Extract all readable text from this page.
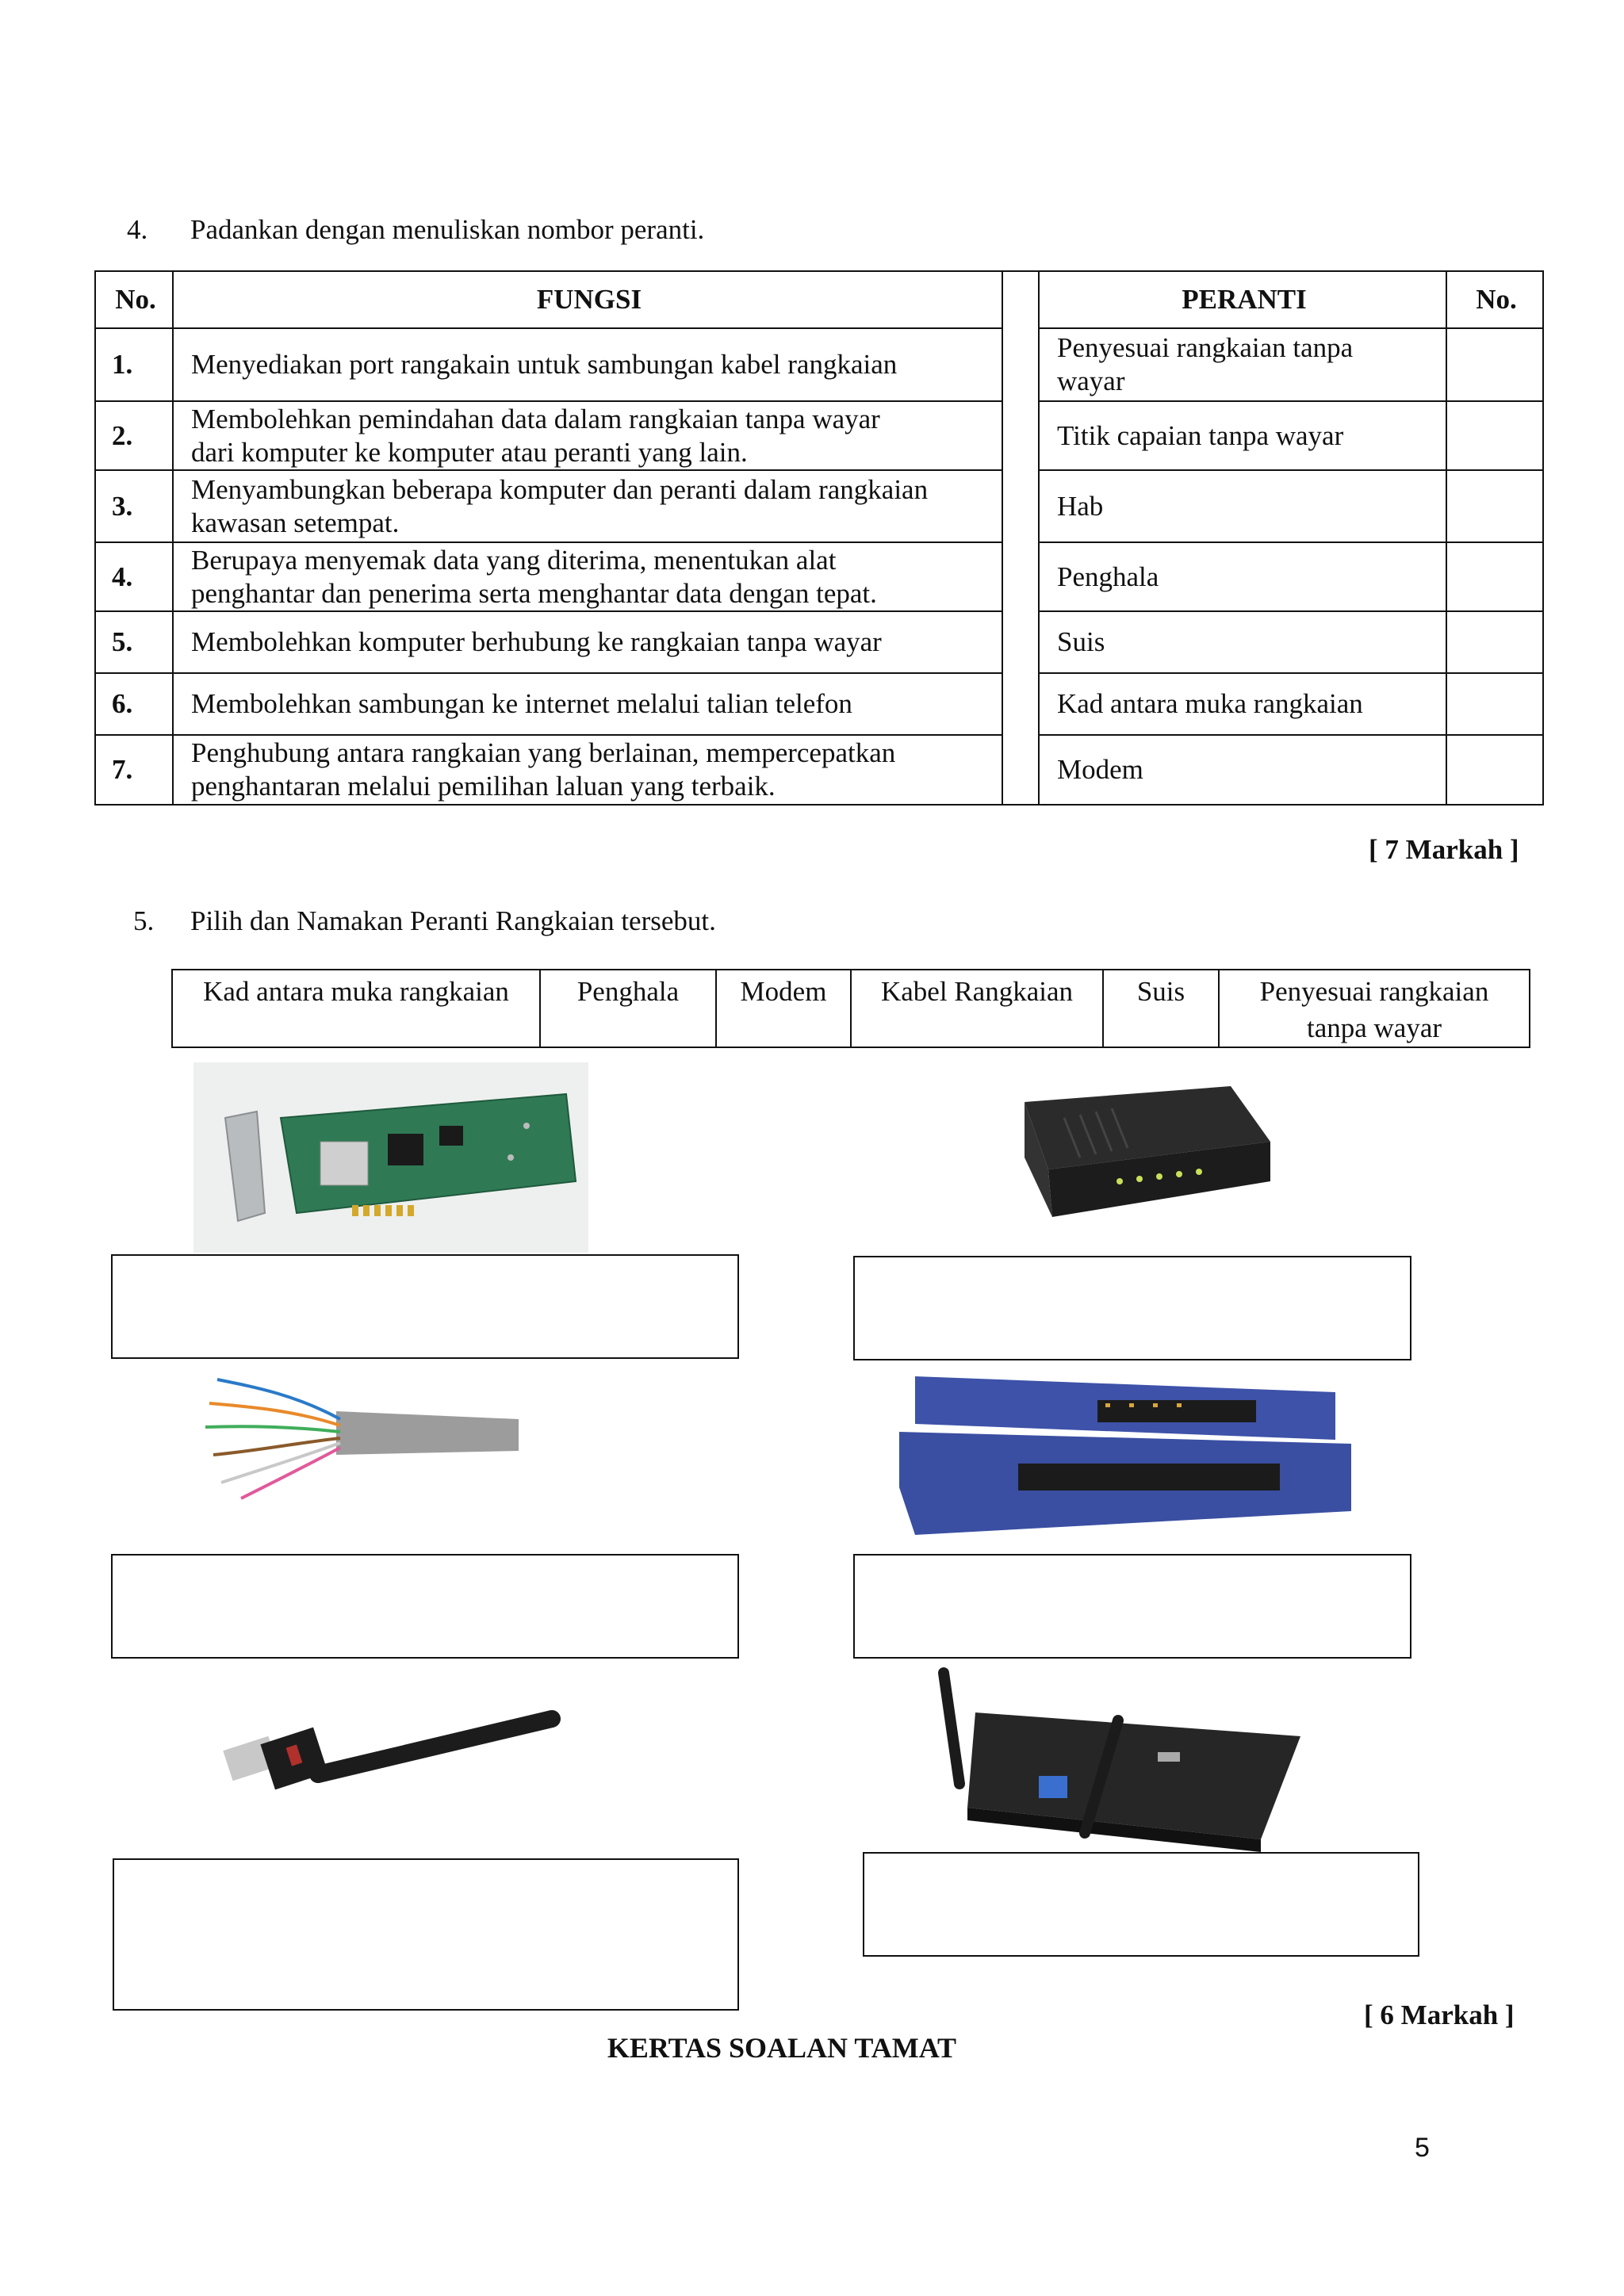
4. Padankan dengan menuliskan nombor peranti.
No.	FUNGSI		PERANTI	No.
1.	Menyediakan port rangakain untuk sambungan kabel rangkaian		Penyesuai rangkaian tanpa
wayar	
2.	Membolehkan pemindahan data dalam rangkaian tanpa wayar
dari komputer ke komputer atau peranti yang lain.		Titik capaian tanpa wayar	
3.	Menyambungkan beberapa komputer dan peranti dalam rangkaian
kawasan setempat.		Hab	
4.	Berupaya menyemak data yang diterima, menentukan alat
penghantar dan penerima serta menghantar data dengan tepat.		Penghala	
5.	Membolehkan komputer berhubung ke rangkaian tanpa wayar		Suis	
6.	Membolehkan sambungan ke internet melalui talian telefon		Kad antara muka rangkaian	
7.	Penghubung antara rangkaian yang berlainan, mempercepatkan
penghantaran melalui pemilihan laluan yang terbaik.		Modem	
[ 7 Markah ]
5. Pilih dan Namakan Peranti Rangkaian tersebut.
Kad antara muka rangkaian	Penghala	Modem	Kabel Rangkaian	Suis	Penyesuai rangkaian
tanpa wayar
[ 6 Markah ]
KERTAS SOALAN TAMAT
5
